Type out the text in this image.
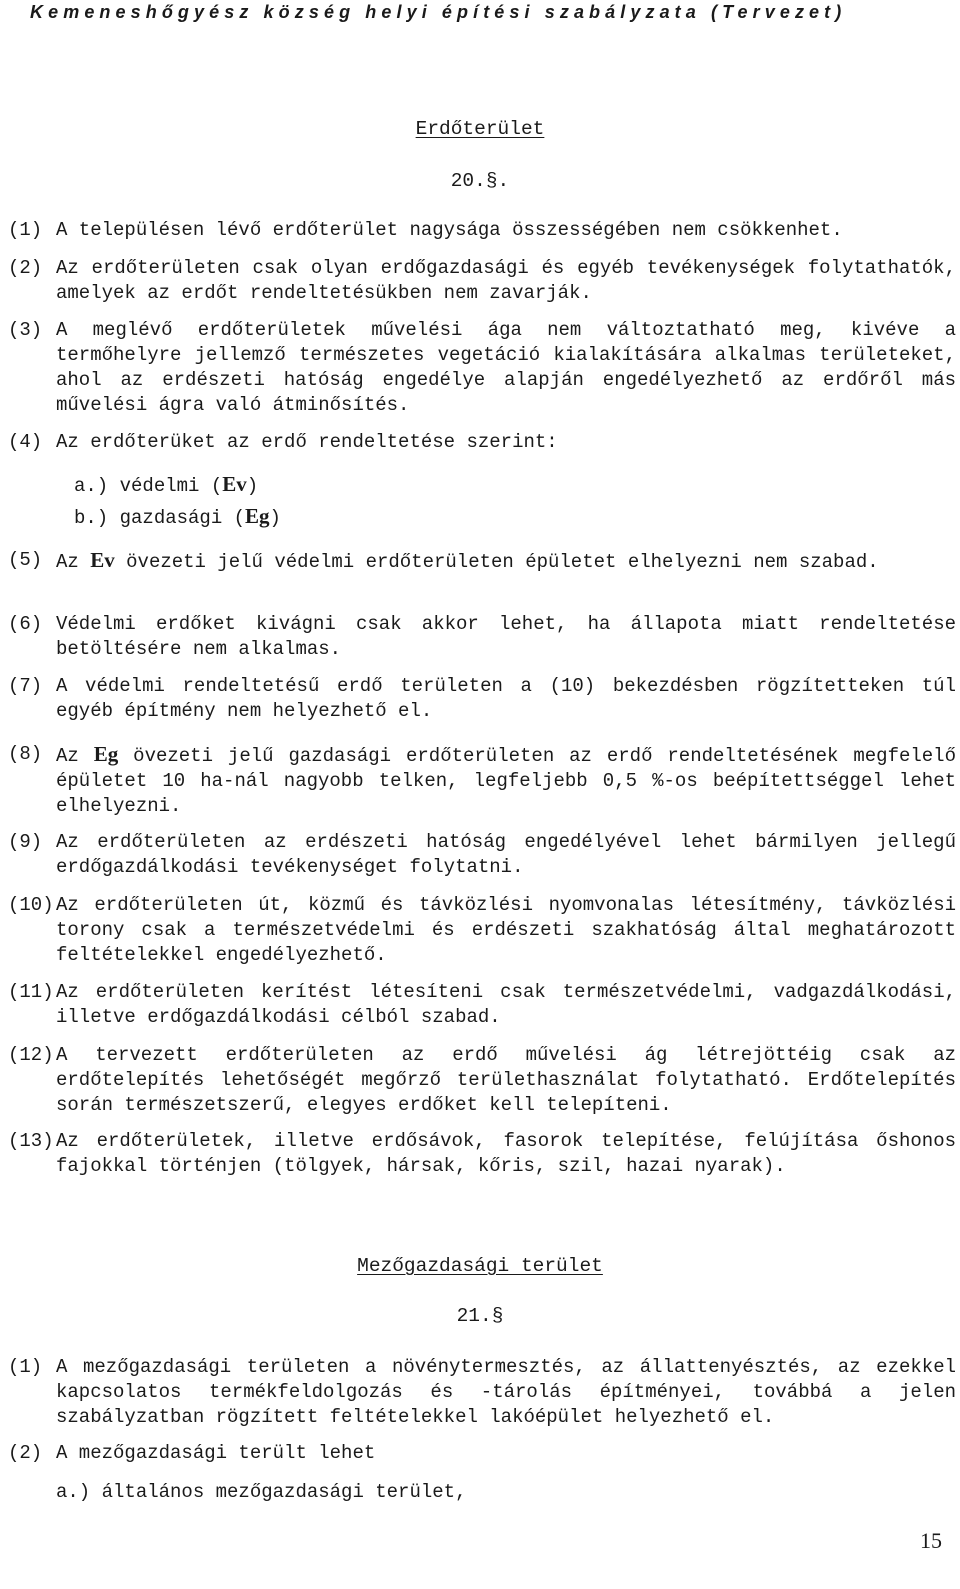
Kemeneshőgyész község helyi építési szabályzata (Tervezet)
Erdőterület
20.§.
(1) A településen lévő erdőterület nagysága összességében nem csökkenhet.
(2) Az erdőterületen csak olyan erdőgazdasági és egyéb tevékenységek folytathatók, amelyek az erdőt rendeltetésükben nem zavarják.
(3) A meglévő erdőterületek művelési ága nem változtatható meg, kivéve a termőhelyre jellemző természetes vegetáció kialakítására alkalmas területeket, ahol az erdészeti hatóság engedélye alapján engedélyezhető az erdőről más művelési ágra való átminősítés.
(4) Az erdőterüket az erdő rendeltetése szerint:
a.) védelmi (Ev)
b.) gazdasági (Eg)
(5) Az Ev övezeti jelű védelmi erdőterületen épületet elhelyezni nem szabad.
(6) Védelmi erdőket kivágni csak akkor lehet, ha állapota miatt rendeltetése betöltésére nem alkalmas.
(7) A védelmi rendeltetésű erdő területen a (10) bekezdésben rögzítetteken túl egyéb építmény nem helyezhető el.
(8) Az Eg övezeti jelű gazdasági erdőterületen az erdő rendeltetésének megfelelő épületet 10 ha-nál nagyobb telken, legfeljebb 0,5 %-os beépítettséggel lehet elhelyezni.
(9) Az erdőterületen az erdészeti hatóság engedélyével lehet bármilyen jellegű erdőgazdálkodási tevékenységet folytatni.
(10) Az erdőterületen út, közmű és távközlési nyomvonalas létesítmény, távközlési torony csak a természetvédelmi és erdészeti szakhatóság által meghatározott feltételekkel engedélyezhető.
(11) Az erdőterületen kerítést létesíteni csak természetvédelmi, vadgazdálkodási, illetve erdőgazdálkodási célból szabad.
(12) A tervezett erdőterületen az erdő művelési ág létrejöttéig csak az erdőtelepítés lehetőségét megőrző területhasználat folytatható. Erdőtelepítés során természetszerű, elegyes erdőket kell telepíteni.
(13) Az erdőterületek, illetve erdősávok, fasorok telepítése, felújítása őshonos fajokkal történjen (tölgyek, hársak, kőris, szil, hazai nyarak).
Mezőgazdasági terület
21.§
(1) A mezőgazdasági területen a növénytermesztés, az állattenyésztés, az ezekkel kapcsolatos termékfeldolgozás és -tárolás építményei, továbbá a jelen szabályzatban rögzített feltételekkel lakóépület helyezhető el.
(2) A mezőgazdasági terült lehet
a.) általános mezőgazdasági terület,
15
